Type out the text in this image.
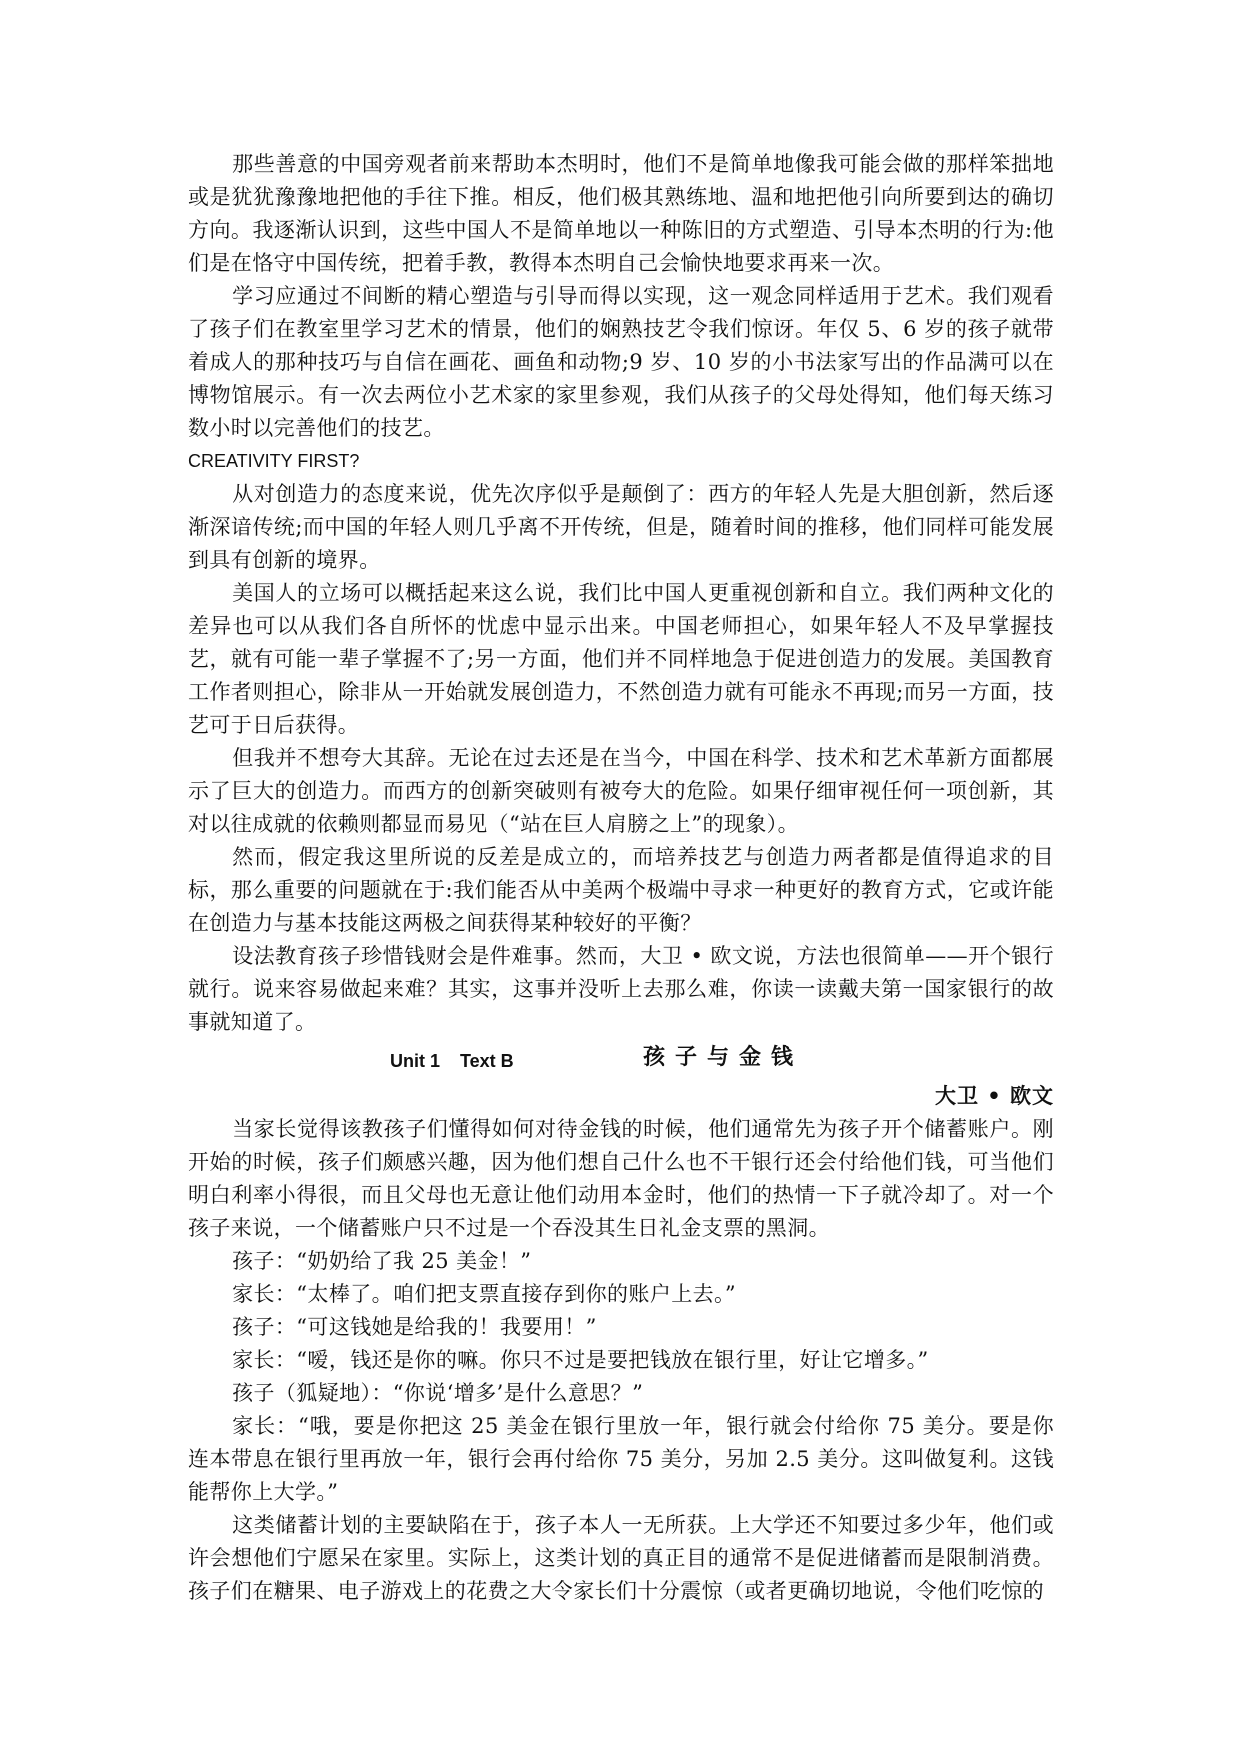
那些善意的中国旁观者前来帮助本杰明时，他们不是简单地像我可能会做的那样笨拙地或是犹犹豫豫地把他的手往下推。相反，他们极其熟练地、温和地把他引向所要到达的确切方向。我逐渐认识到，这些中国人不是简单地以一种陈旧的方式塑造、引导本杰明的行为:他们是在恪守中国传统，把着手教，教得本杰明自己会愉快地要求再来一次。

学习应通过不间断的精心塑造与引导而得以实现，这一观念同样适用于艺术。我们观看了孩子们在教室里学习艺术的情景，他们的娴熟技艺令我们惊讶。年仅 5、6 岁的孩子就带着成人的那种技巧与自信在画花、画鱼和动物;9 岁、10 岁的小书法家写出的作品满可以在博物馆展示。有一次去两位小艺术家的家里参观，我们从孩子的父母处得知，他们每天练习数小时以完善他们的技艺。

CREATIVITY FIRST?

从对创造力的态度来说，优先次序似乎是颠倒了：西方的年轻人先是大胆创新，然后逐渐深谙传统;而中国的年轻人则几乎离不开传统，但是，随着时间的推移，他们同样可能发展到具有创新的境界。

美国人的立场可以概括起来这么说，我们比中国人更重视创新和自立。我们两种文化的差异也可以从我们各自所怀的忧虑中显示出来。中国老师担心，如果年轻人不及早掌握技艺，就有可能一辈子掌握不了;另一方面，他们并不同样地急于促进创造力的发展。美国教育工作者则担心，除非从一开始就发展创造力，不然创造力就有可能永不再现;而另一方面，技艺可于日后获得。

但我并不想夸大其辞。无论在过去还是在当今，中国在科学、技术和艺术革新方面都展示了巨大的创造力。而西方的创新突破则有被夸大的危险。如果仔细审视任何一项创新，其对以往成就的依赖则都显而易见（“站在巨人肩膀之上”的现象）。

然而，假定我这里所说的反差是成立的，而培养技艺与创造力两者都是值得追求的目标，那么重要的问题就在于:我们能否从中美两个极端中寻求一种更好的教育方式，它或许能在创造力与基本技能这两极之间获得某种较好的平衡？

设法教育孩子珍惜钱财会是件难事。然而，大卫 • 欧文说，方法也很简单——开个银行就行。说来容易做起来难？其实，这事并没听上去那么难，你读一读戴夫第一国家银行的故事就知道了。

Unit 1    Text B	孩子与金钱

大卫 • 欧文

当家长觉得该教孩子们懂得如何对待金钱的时候，他们通常先为孩子开个储蓄账户。刚开始的时候，孩子们颇感兴趣，因为他们想自己什么也不干银行还会付给他们钱，可当他们明白利率小得很，而且父母也无意让他们动用本金时，他们的热情一下子就冷却了。对一个孩子来说，一个储蓄账户只不过是一个吞没其生日礼金支票的黑洞。

孩子：“奶奶给了我 25 美金！”

家长：“太棒了。咱们把支票直接存到你的账户上去。”

孩子：“可这钱她是给我的！我要用！”

家长：“嗳，钱还是你的嘛。你只不过是要把钱放在银行里，好让它增多。”

孩子（狐疑地）：“你说‘增多’是什么意思？”

家长：“哦，要是你把这 25 美金在银行里放一年，银行就会付给你 75 美分。要是你连本带息在银行里再放一年，银行会再付给你 75 美分，另加 2.5 美分。这叫做复利。这钱能帮你上大学。”

这类储蓄计划的主要缺陷在于，孩子本人一无所获。上大学还不知要过多少年，他们或许会想他们宁愿呆在家里。实际上，这类计划的真正目的通常不是促进储蓄而是限制消费。孩子们在糖果、电子游戏上的花费之大令家长们十分震惊（或者更确切地说，令他们吃惊的
